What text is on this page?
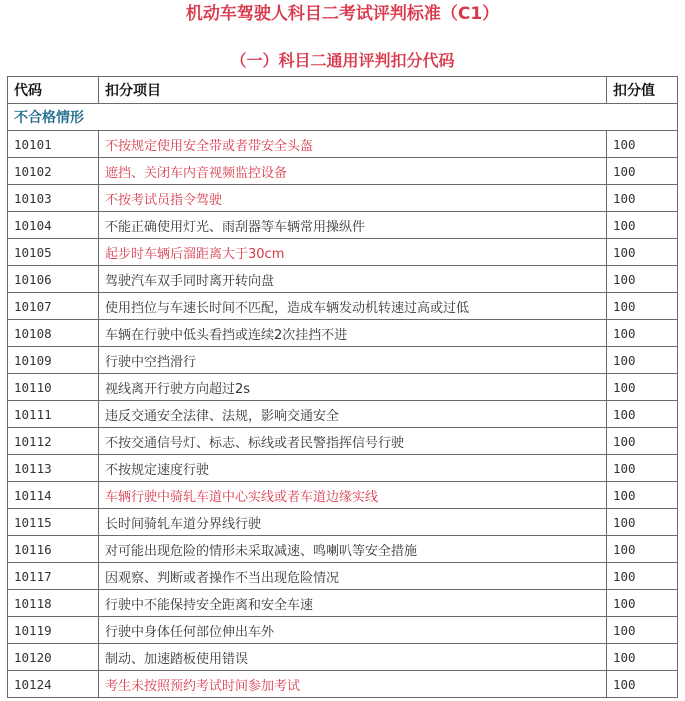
机动车驾驶人科目二考试评判标准（C1）
（一）科目二通用评判扣分代码
代码	扣分项目	扣分值
不合格情形		
10101	不按规定使用安全带或者带安全头盔	100
10102	遮挡、关闭车内音视频监控设备	100
10103	不按考试员指令驾驶	100
10104	不能正确使用灯光、雨刮器等车辆常用操纵件	100
10105	起步时车辆后溜距离大于30cm	100
10106	驾驶汽车双手同时离开转向盘	100
10107	使用挡位与车速长时间不匹配，造成车辆发动机转速过高或过低	100
10108	车辆在行驶中低头看挡或连续2次挂挡不进	100
10109	行驶中空挡滑行	100
10110	视线离开行驶方向超过2s	100
10111	违反交通安全法律、法规，影响交通安全	100
10112	不按交通信号灯、标志、标线或者民警指挥信号行驶	100
10113	不按规定速度行驶	100
10114	车辆行驶中骑轧车道中心实线或者车道边缘实线	100
10115	长时间骑轧车道分界线行驶	100
10116	对可能出现危险的情形未采取减速、鸣喇叭等安全措施	100
10117	因观察、判断或者操作不当出现危险情况	100
10118	行驶中不能保持安全距离和安全车速	100
10119	行驶中身体任何部位伸出车外	100
10120	制动、加速踏板使用错误	100
10124	考生未按照预约考试时间参加考试	100
